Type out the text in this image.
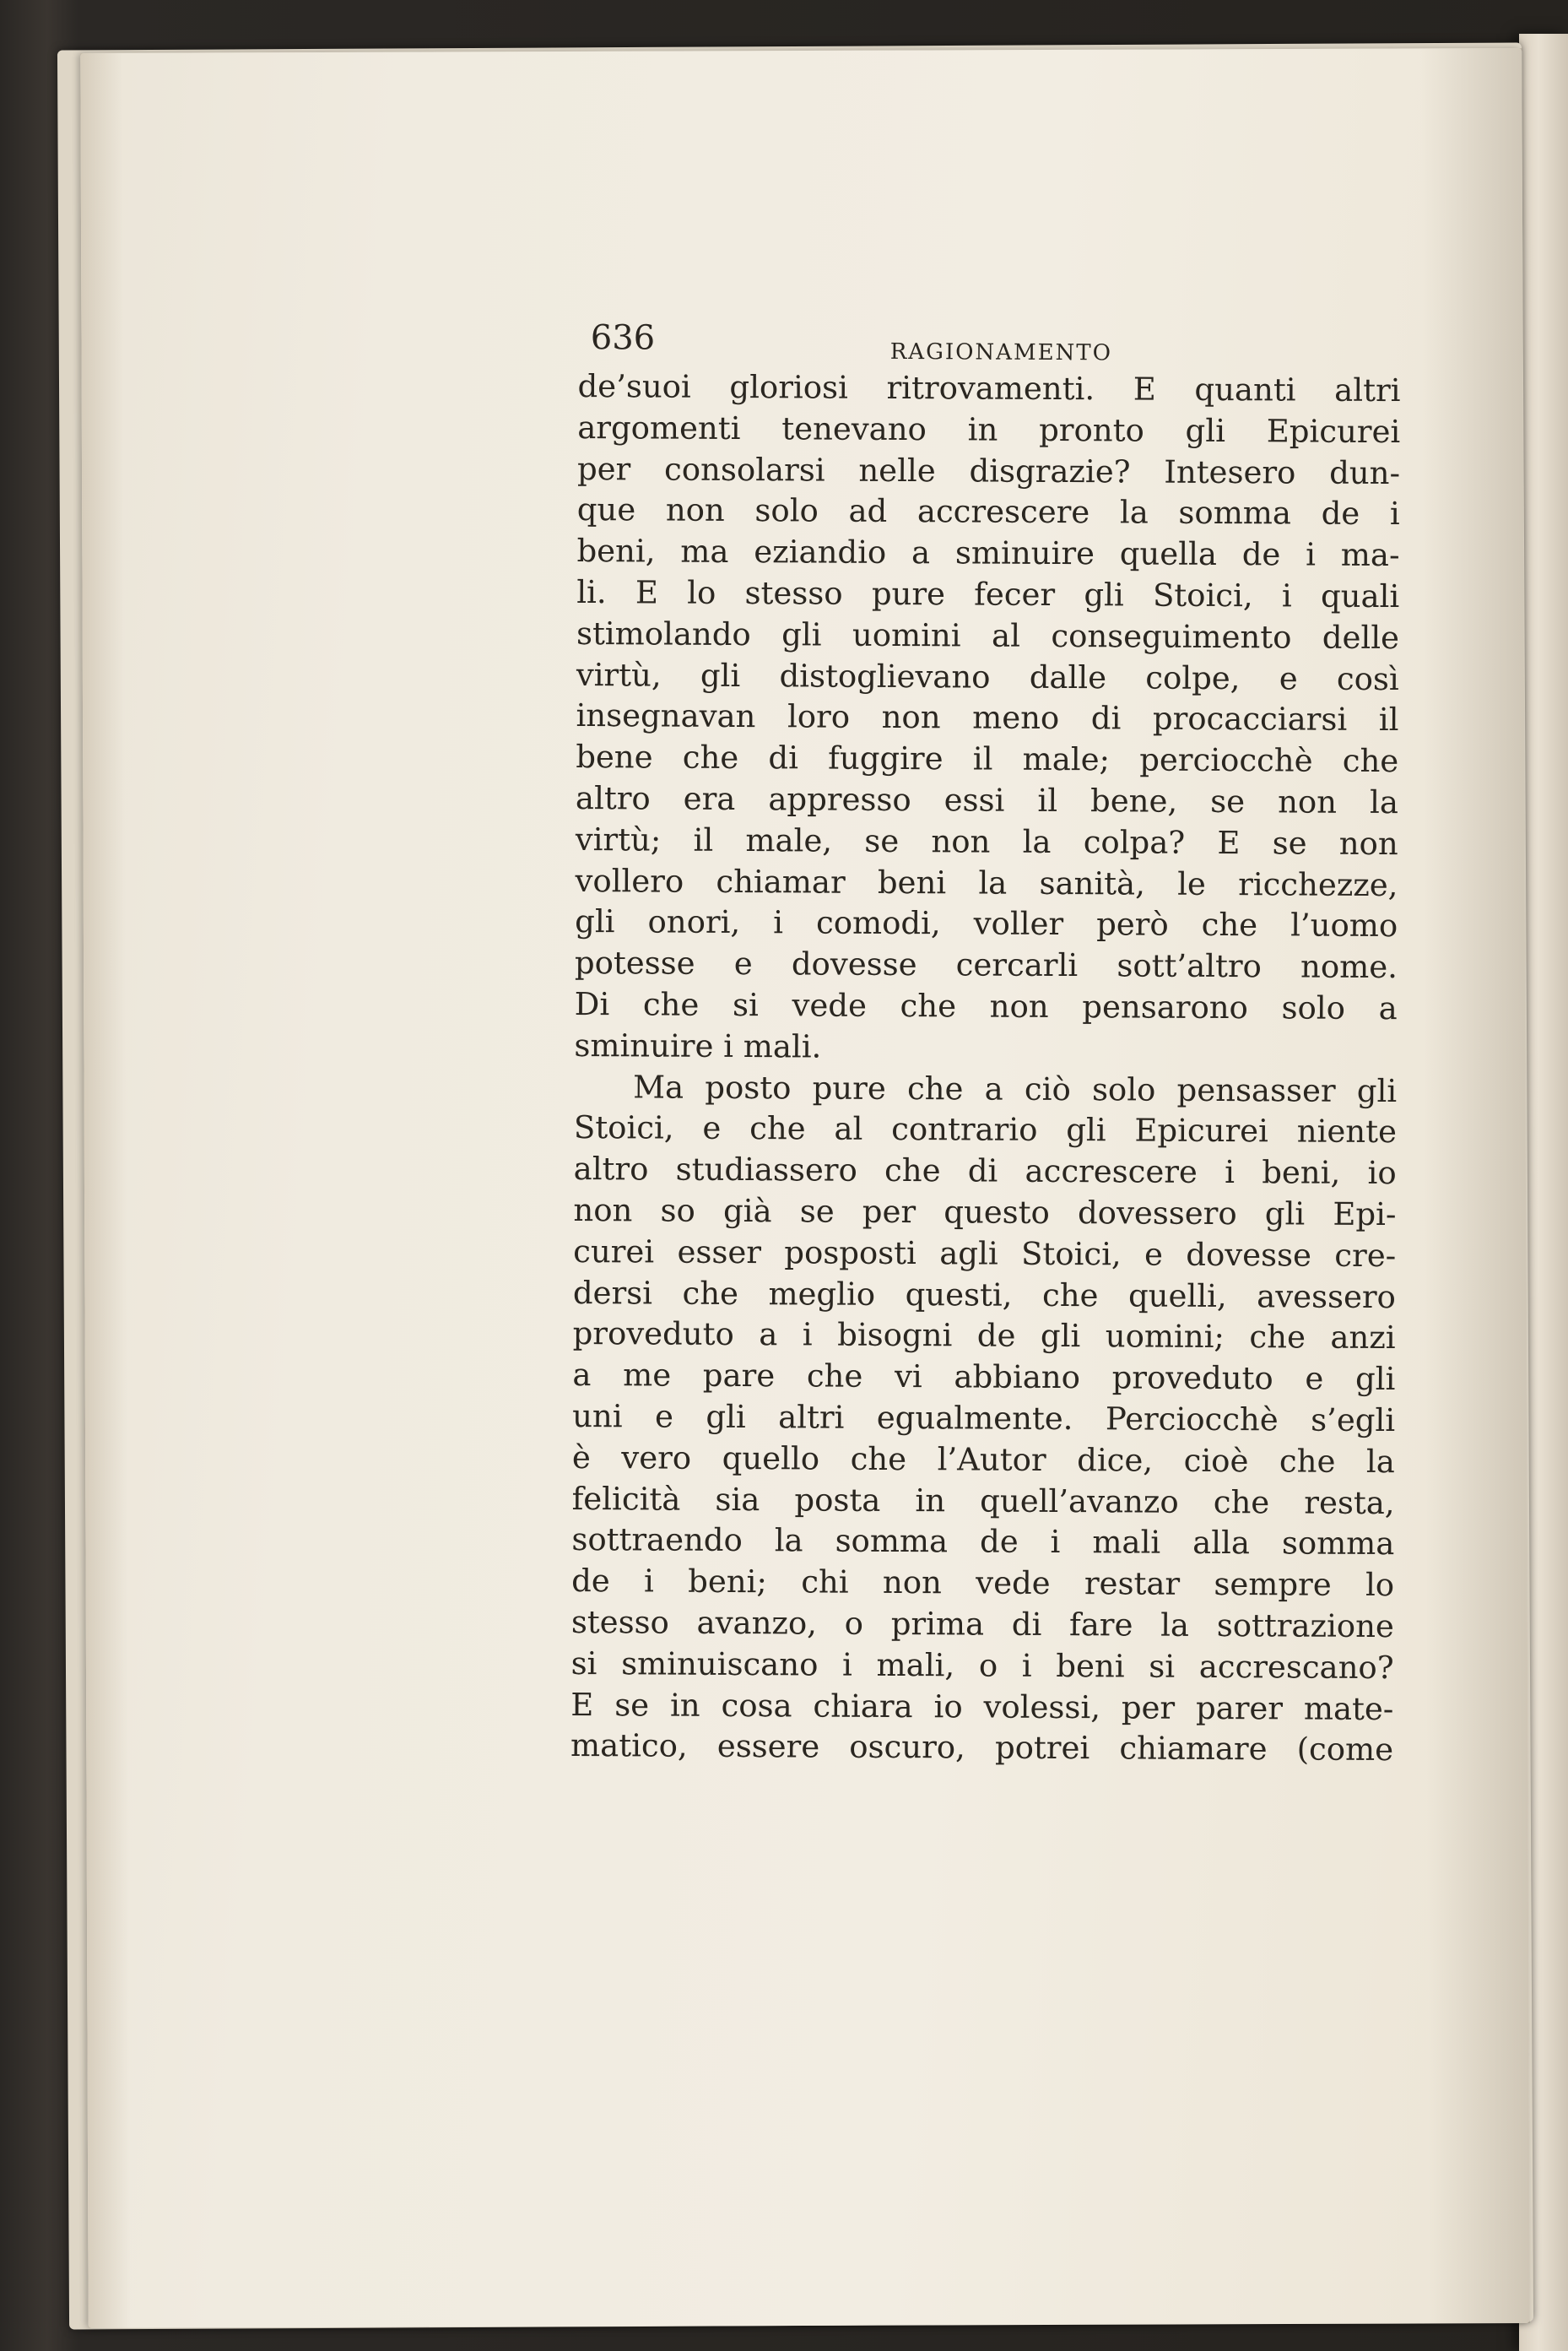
636	RAGIONAMENTO
de’suoi gloriosi ritrovamenti. E quanti altri
argomenti tenevano in pronto gli Epicurei
per consolarsi nelle disgrazie? Intesero dun-
que non solo ad accrescere la somma de i
beni, ma eziandio a sminuire quella de i ma-
li. E lo stesso pure fecer gli Stoici, i quali
stimolando gli uomini al conseguimento delle
virtù, gli distoglievano dalle colpe, e così
insegnavan loro non meno di procacciarsi il
bene che di fuggire il male; perciocchè che
altro era appresso essi il bene, se non la
virtù; il male, se non la colpa? E se non
vollero chiamar beni la sanità, le ricchezze,
gli onori, i comodi, voller però che l’uomo
potesse e dovesse cercarli sott’altro nome.
Di che si vede che non pensarono solo a
sminuire i mali.
Ma posto pure che a ciò solo pensasser gli
Stoici, e che al contrario gli Epicurei niente
altro studiassero che di accrescere i beni, io
non so già se per questo dovessero gli Epi-
curei esser posposti agli Stoici, e dovesse cre-
dersi che meglio questi, che quelli, avessero
proveduto a i bisogni de gli uomini; che anzi
a me pare che vi abbiano proveduto e gli
uni e gli altri egualmente. Perciocchè s’egli
è vero quello che l’Autor dice, cioè che la
felicità sia posta in quell’avanzo che resta,
sottraendo la somma de i mali alla somma
de i beni; chi non vede restar sempre lo
stesso avanzo, o prima di fare la sottrazione
si sminuiscano i mali, o i beni si accrescano?
E se in cosa chiara io volessi, per parer mate-
matico, essere oscuro, potrei chiamare (come
